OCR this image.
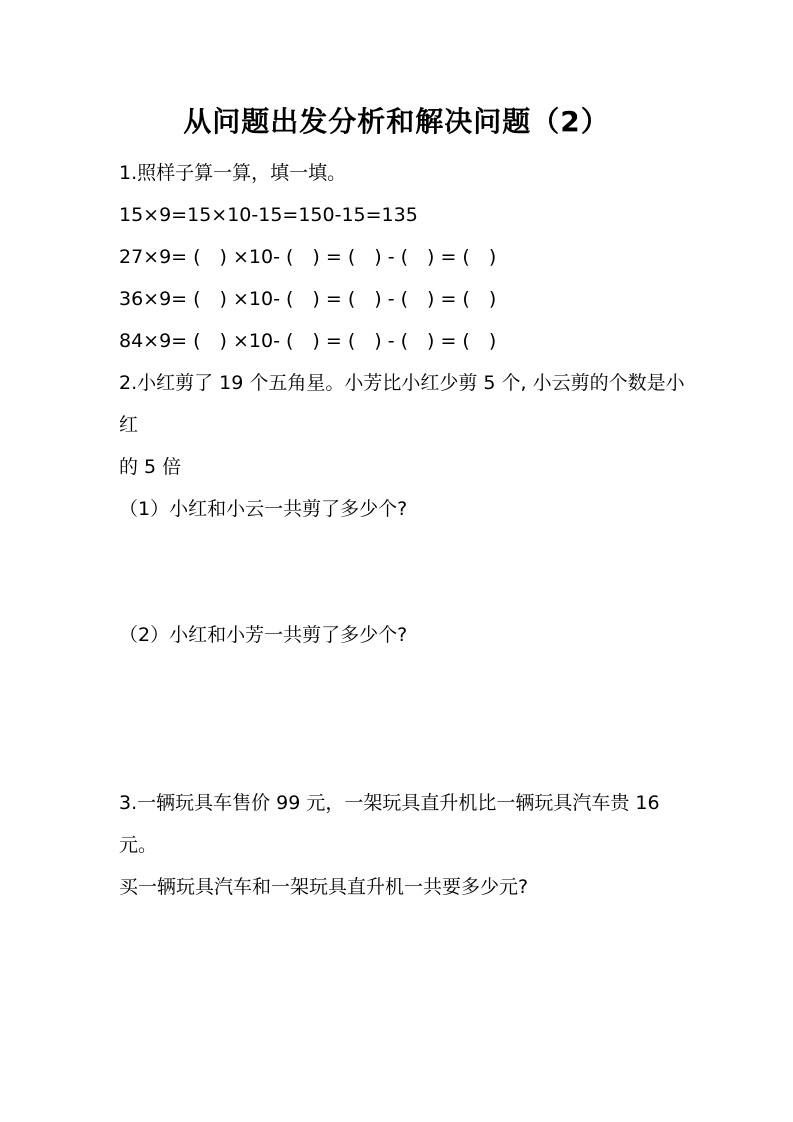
从问题出发分析和解决问题（2）

1.照样子算一算，填一填。

15×9=15×10-15=150-15=135

27×9= (　) ×10- (　) = (　) - (　) = (　)

36×9= (　) ×10- (　) = (　) - (　) = (　)

84×9= (　) ×10- (　) = (　) - (　) = (　)

2.小红剪了 19 个五角星。小芳比小红少剪 5 个, 小云剪的个数是小红

的 5 倍

（1）小红和小云一共剪了多少个?

（2）小红和小芳一共剪了多少个?

3.一辆玩具车售价 99 元，一架玩具直升机比一辆玩具汽车贵 16 元。

买一辆玩具汽车和一架玩具直升机一共要多少元?
